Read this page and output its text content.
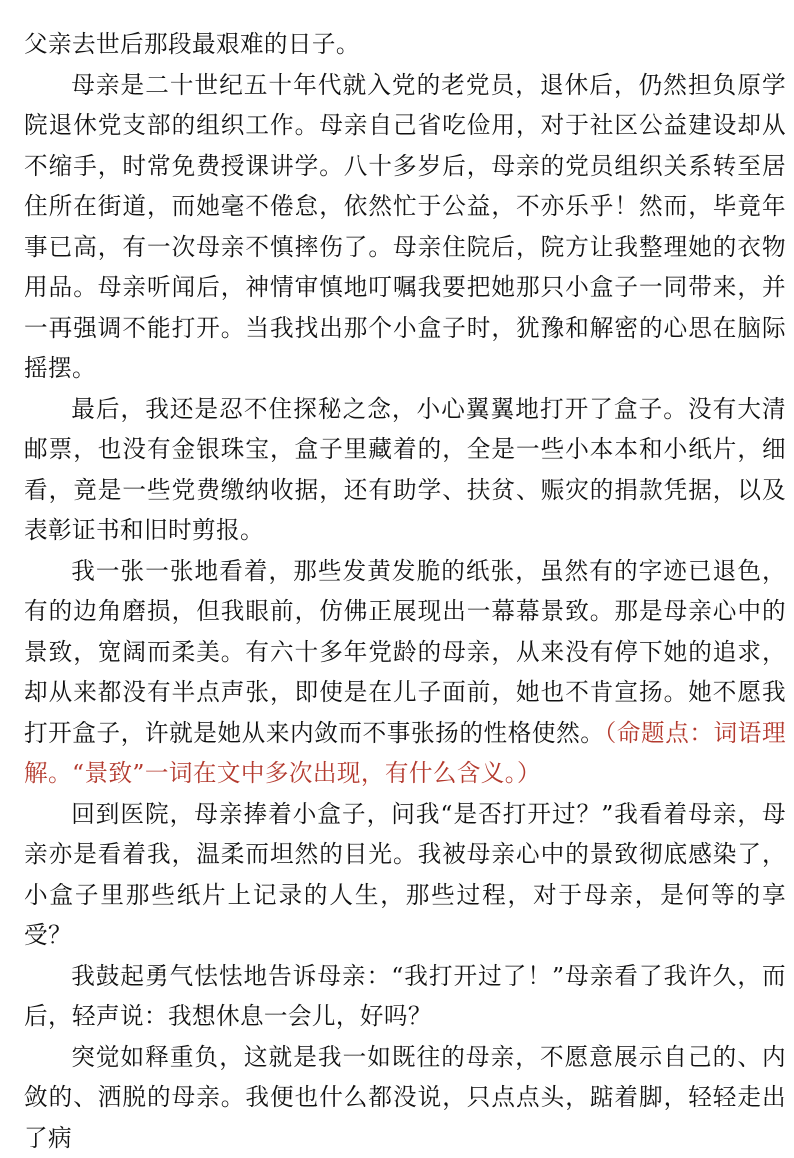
父亲去世后那段最艰难的日子。

母亲是二十世纪五十年代就入党的老党员，退休后，仍然担负原学院退休党支部的组织工作。母亲自己省吃俭用，对于社区公益建设却从不缩手，时常免费授课讲学。八十多岁后，母亲的党员组织关系转至居住所在街道，而她毫不倦怠，依然忙于公益，不亦乐乎！然而，毕竟年事已高，有一次母亲不慎摔伤了。母亲住院后，院方让我整理她的衣物用品。母亲听闻后，神情审慎地叮嘱我要把她那只小盒子一同带来，并一再强调不能打开。当我找出那个小盒子时，犹豫和解密的心思在脑际摇摆。

最后，我还是忍不住探秘之念，小心翼翼地打开了盒子。没有大清邮票，也没有金银珠宝，盒子里藏着的，全是一些小本本和小纸片，细看，竟是一些党费缴纳收据，还有助学、扶贫、赈灾的捐款凭据，以及表彰证书和旧时剪报。

我一张一张地看着，那些发黄发脆的纸张，虽然有的字迹已退色，有的边角磨损，但我眼前，仿佛正展现出一幕幕景致。那是母亲心中的景致，宽阔而柔美。有六十多年党龄的母亲，从来没有停下她的追求，却从来都没有半点声张，即使是在儿子面前，她也不肯宣扬。她不愿我打开盒子，许就是她从来内敛而不事张扬的性格使然。（命题点：词语理解。“景致”一词在文中多次出现，有什么含义。）

回到医院，母亲捧着小盒子，问我“是否打开过？”我看着母亲，母亲亦是看着我，温柔而坦然的目光。我被母亲心中的景致彻底感染了，小盒子里那些纸片上记录的人生，那些过程，对于母亲，是何等的享受？

我鼓起勇气怯怯地告诉母亲：“我打开过了！”母亲看了我许久，而后，轻声说：我想休息一会儿，好吗？

突觉如释重负，这就是我一如既往的母亲，不愿意展示自己的、内敛的、洒脱的母亲。我便也什么都没说，只点点头，踮着脚，轻轻走出了病
